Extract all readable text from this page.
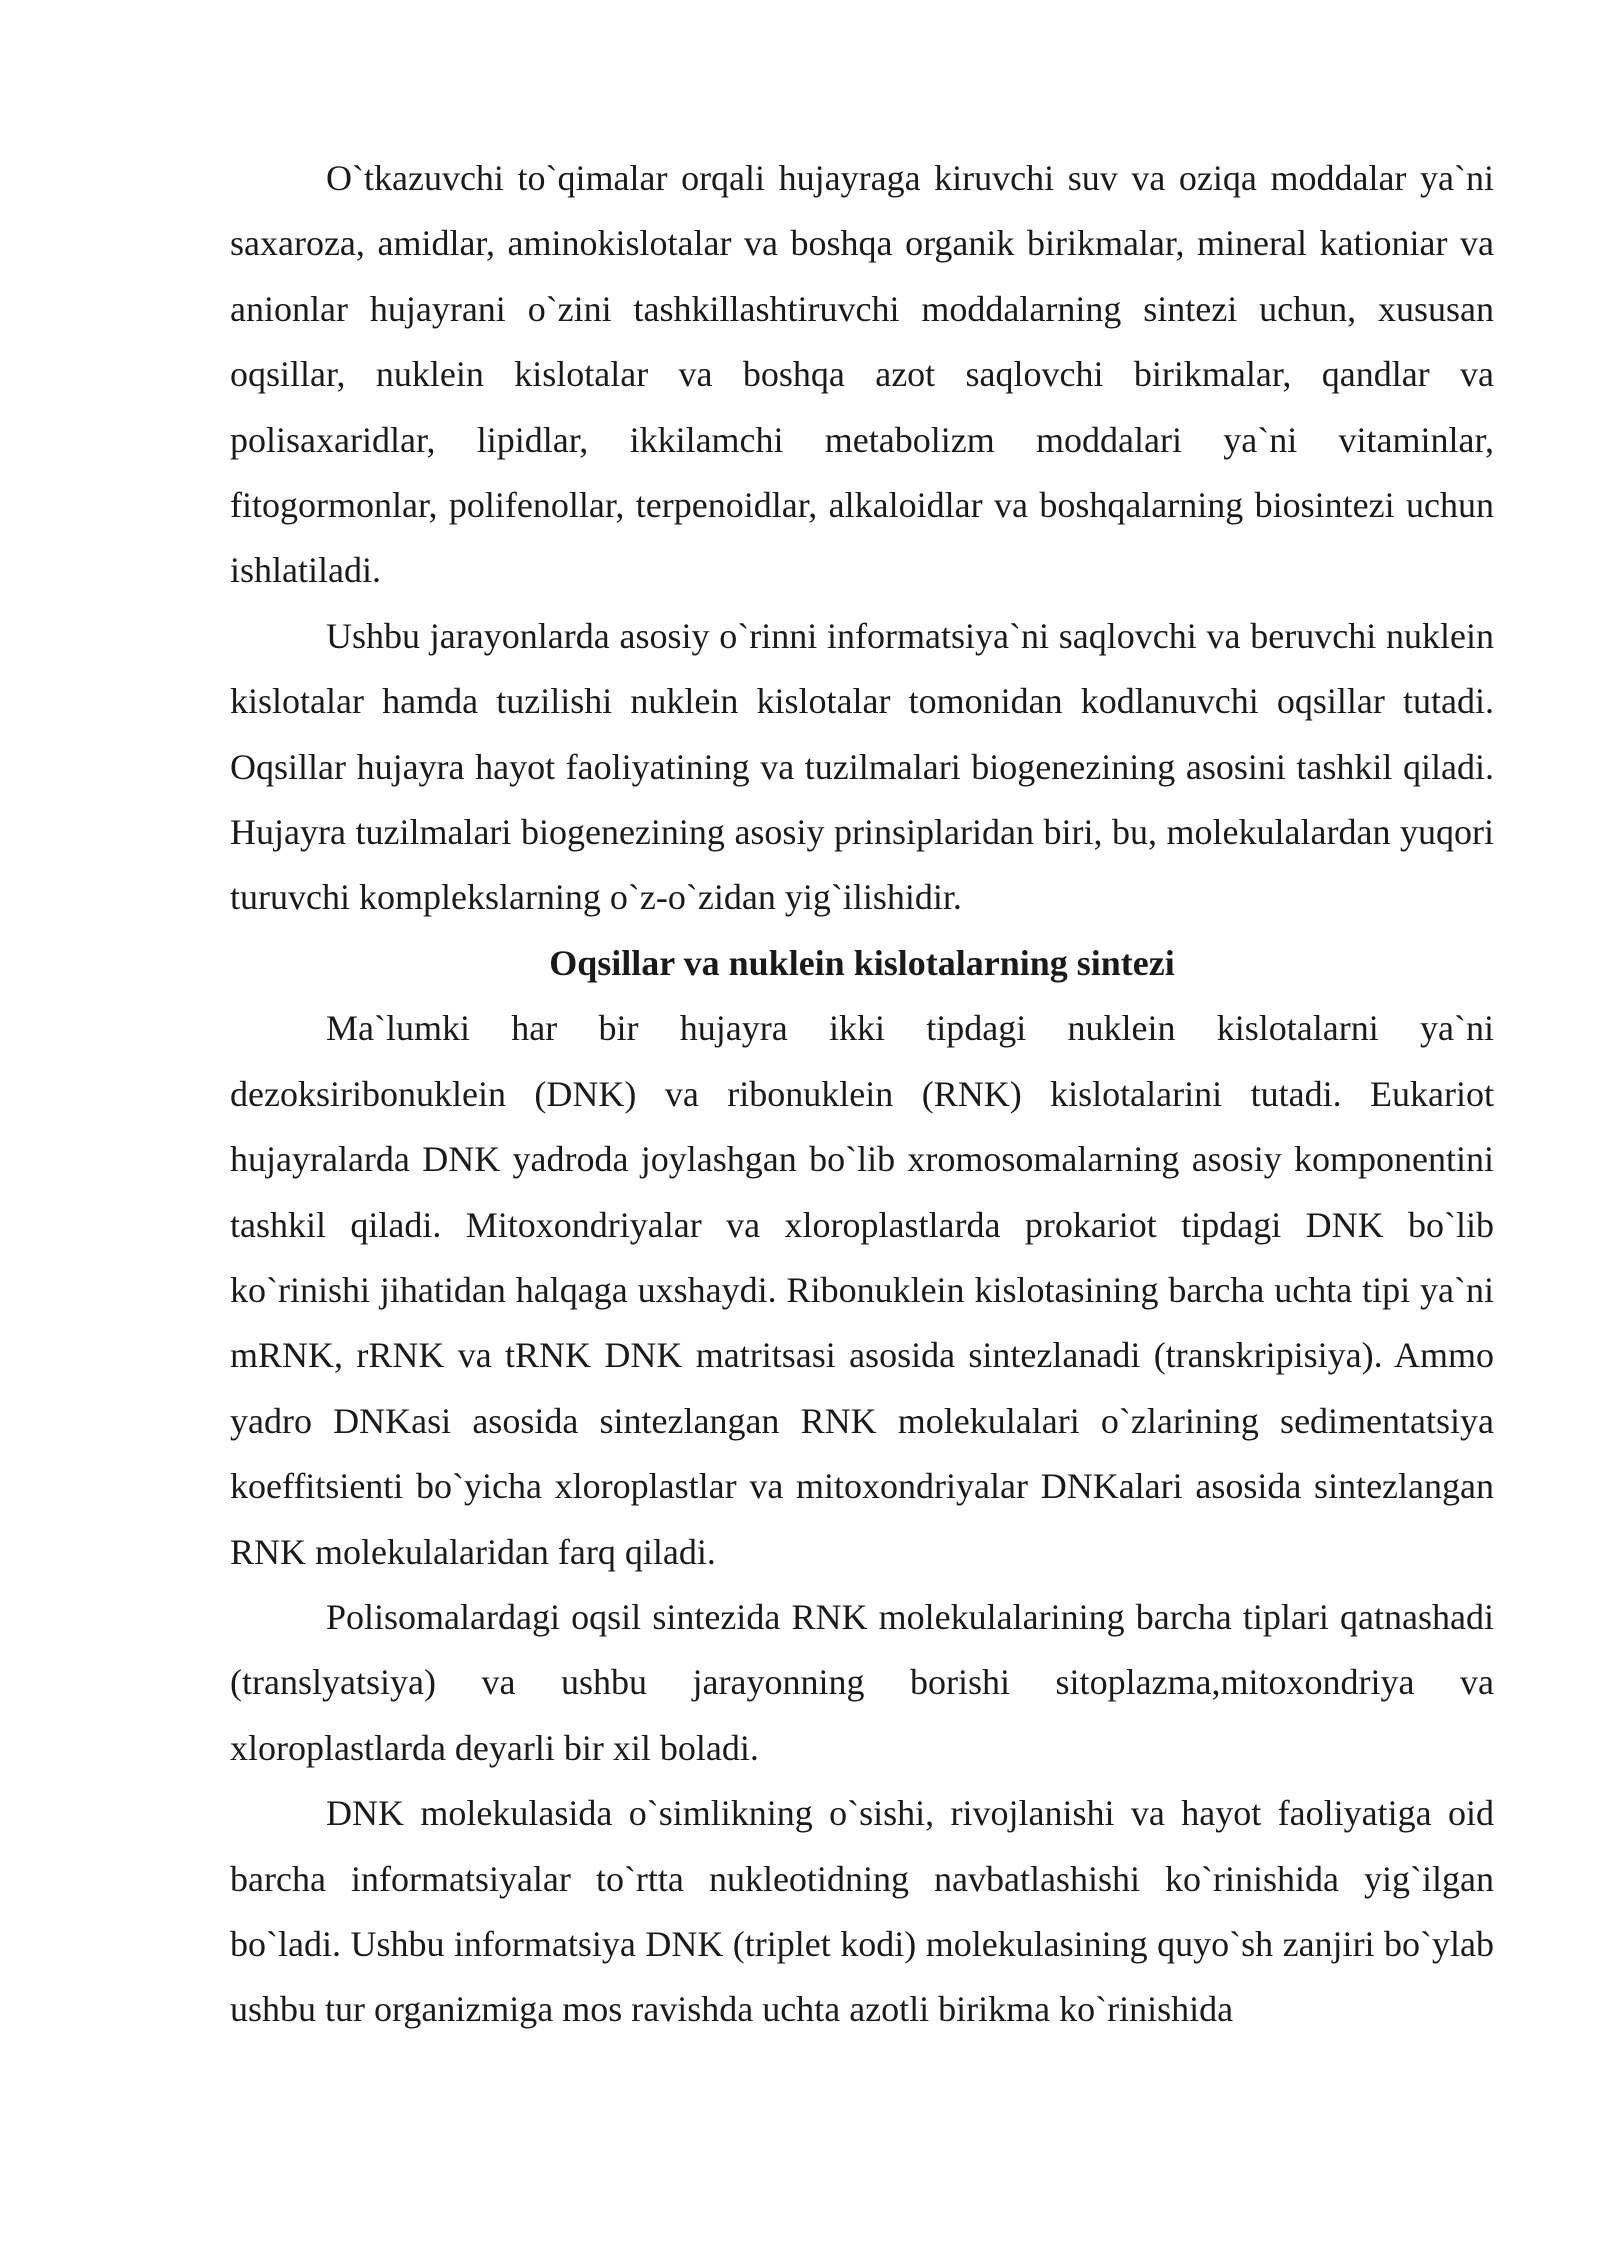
O`tkazuvchi to`qimalar orqali hujayraga kiruvchi suv va oziqa moddalar ya`ni saxaroza, amidlar, aminokislotalar va boshqa organik birikmalar, mineral kationiar va anionlar hujayrani o`zini tashkillashtiruvchi moddalarning sintezi uchun, xususan oqsillar, nuklein kislotalar va boshqa azot saqlovchi birikmalar, qandlar va polisaxaridlar, lipidlar, ikkilamchi metabolizm moddalari ya`ni vitaminlar, fitogormonlar, polifenollar, terpenoidlar, alkaloidlar va boshqalarning biosintezi uchun ishlatiladi.

Ushbu jarayonlarda asosiy o`rinni informatsiya`ni saqlovchi va beruvchi nuklein kislotalar hamda tuzilishi nuklein kislotalar tomonidan kodlanuvchi oqsillar tutadi. Oqsillar hujayra hayot faoliyatining va tuzilmalari biogenezining asosini tashkil qiladi. Hujayra tuzilmalari biogenezining asosiy prinsiplaridan biri, bu, molekulalardan yuqori turuvchi komplekslarning o`z-o`zidan yig`ilishidir.

Oqsillar va nuklein kislotalarning sintezi

Ma`lumki har bir hujayra ikki tipdagi nuklein kislotalarni ya`ni dezoksiribonuklein (DNK) va ribonuklein (RNK) kislotalarini tutadi. Eukariot hujayralarda DNK yadroda joylashgan bo`lib xromosomalarning asosiy komponentini tashkil qiladi. Mitoxondriyalar va xloroplastlarda prokariot tipdagi DNK bo`lib ko`rinishi jihatidan halqaga uxshaydi. Ribonuklein kislotasining barcha uchta tipi ya`ni mRNK, rRNK va tRNK DNK matritsasi asosida sintezlanadi (transkripisiya). Ammo yadro DNKasi asosida sintezlangan RNK molekulalari o`zlarining sedimentatsiya koeffitsienti bo`yicha xloroplastlar va mitoxondriyalar DNKalari asosida sintezlangan RNK molekulalaridan farq qiladi.

Polisomalardagi oqsil sintezida RNK molekulalarining barcha tiplari qatnashadi (translyatsiya) va ushbu jarayonning borishi sitoplazma,mitoxondriya va xloroplastlarda deyarli bir xil boladi.

DNK molekulasida o`simlikning o`sishi, rivojlanishi va hayot faoliyatiga oid barcha informatsiyalar to`rtta nukleotidning navbatlashishi ko`rinishida yig`ilgan bo`ladi. Ushbu informatsiya DNK (triplet kodi) molekulasining quyo`sh zanjiri bo`ylab ushbu tur organizmiga mos ravishda uchta azotli birikma ko`rinishida
